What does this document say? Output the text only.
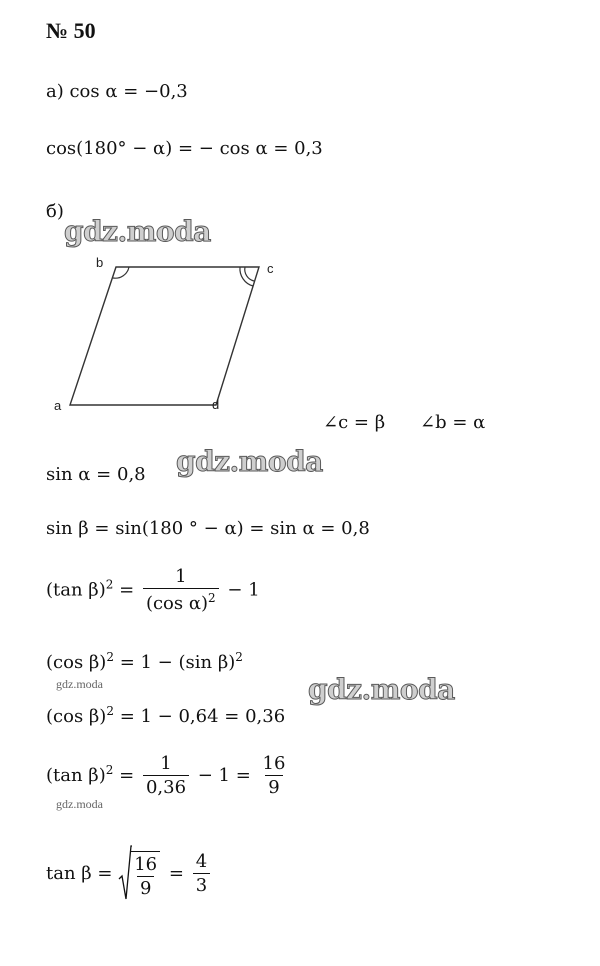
№ 50
а) cos α = −0,3
cos(180° − α) = − cos α = 0,3
б)
gdz.moda
b	c
a	d
∠c = β ∠b = α
gdz.moda
sin α = 0,8
sin β = sin(180 ° − α) = sin α = 0,8
(tan $\beta)^2 = \frac{1}{(\cos \alpha)^2} - 1$
(cos β)$^2$ = 1 − (sin β)$^2$
gdz.moda	gdz.moda
(cos β)$^2$ = 1 − 0,64 = 0,36
(tan $\beta)^2 = \frac{1}{0,36} - 1 = \frac{16}{9}$
gdz.moda
$\tan \beta = \frac{16}{9} = \frac{4}{3}$
